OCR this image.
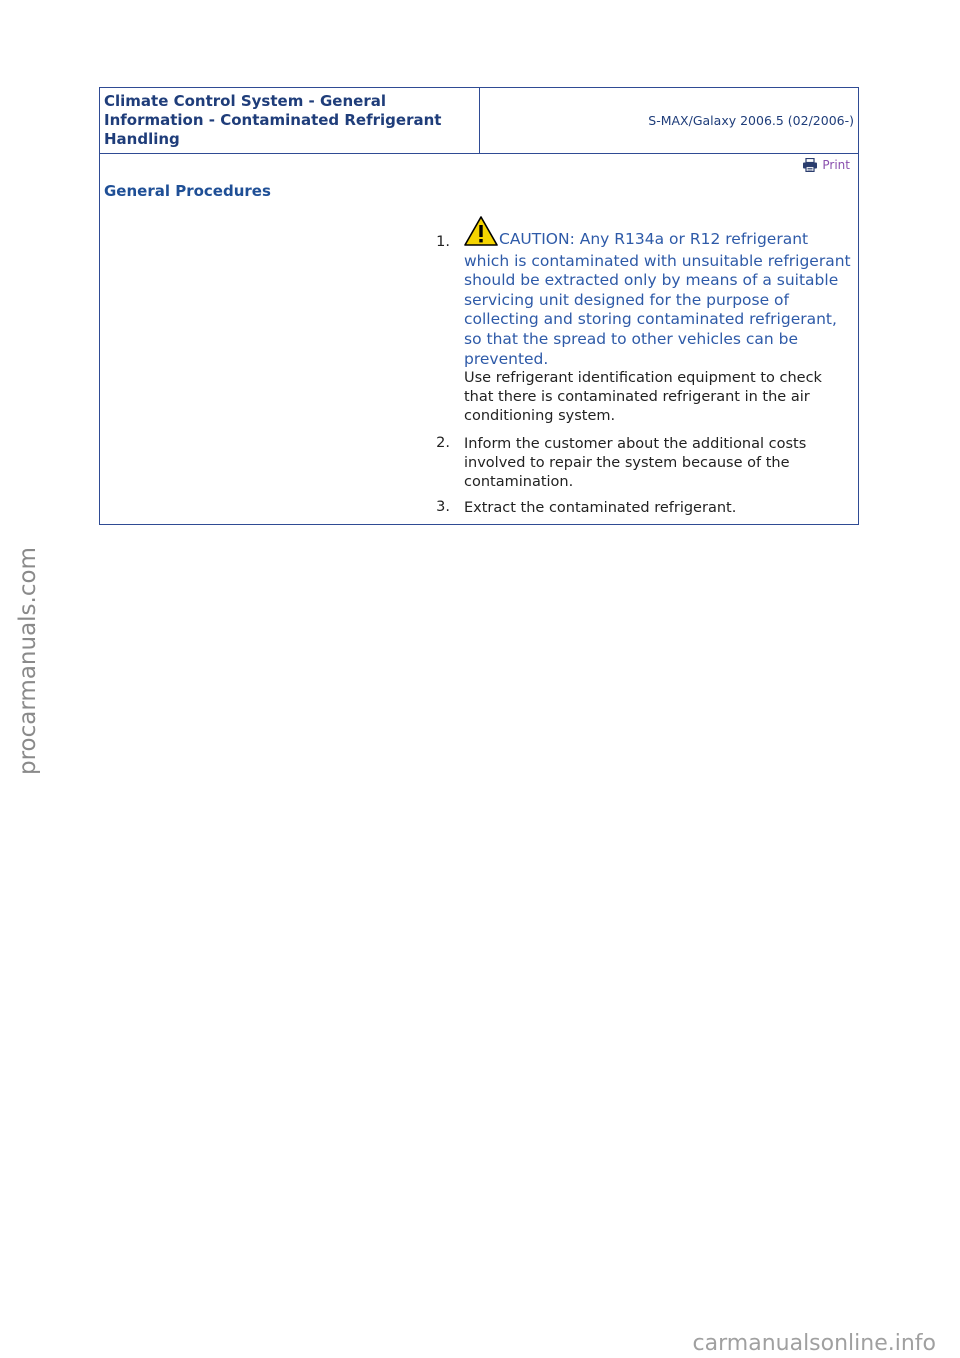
Climate Control System - General Information - Contaminated Refrigerant Handling
S-MAX/Galaxy 2006.5 (02/2006-)
Print
General Procedures
1.	CAUTION: Any R134a or R12 refrigerant which is contaminated with unsuitable refrigerant should be extracted only by means of a suitable servicing unit designed for the purpose of collecting and storing contaminated refrigerant, so that the spread to other vehicles can be prevented.
Use refrigerant identification equipment to check that there is contaminated refrigerant in the air conditioning system.
2. Inform the customer about the additional costs involved to repair the system because of the contamination.
3. Extract the contaminated refrigerant.
procarmanuals.com
carmanualsonline.info
